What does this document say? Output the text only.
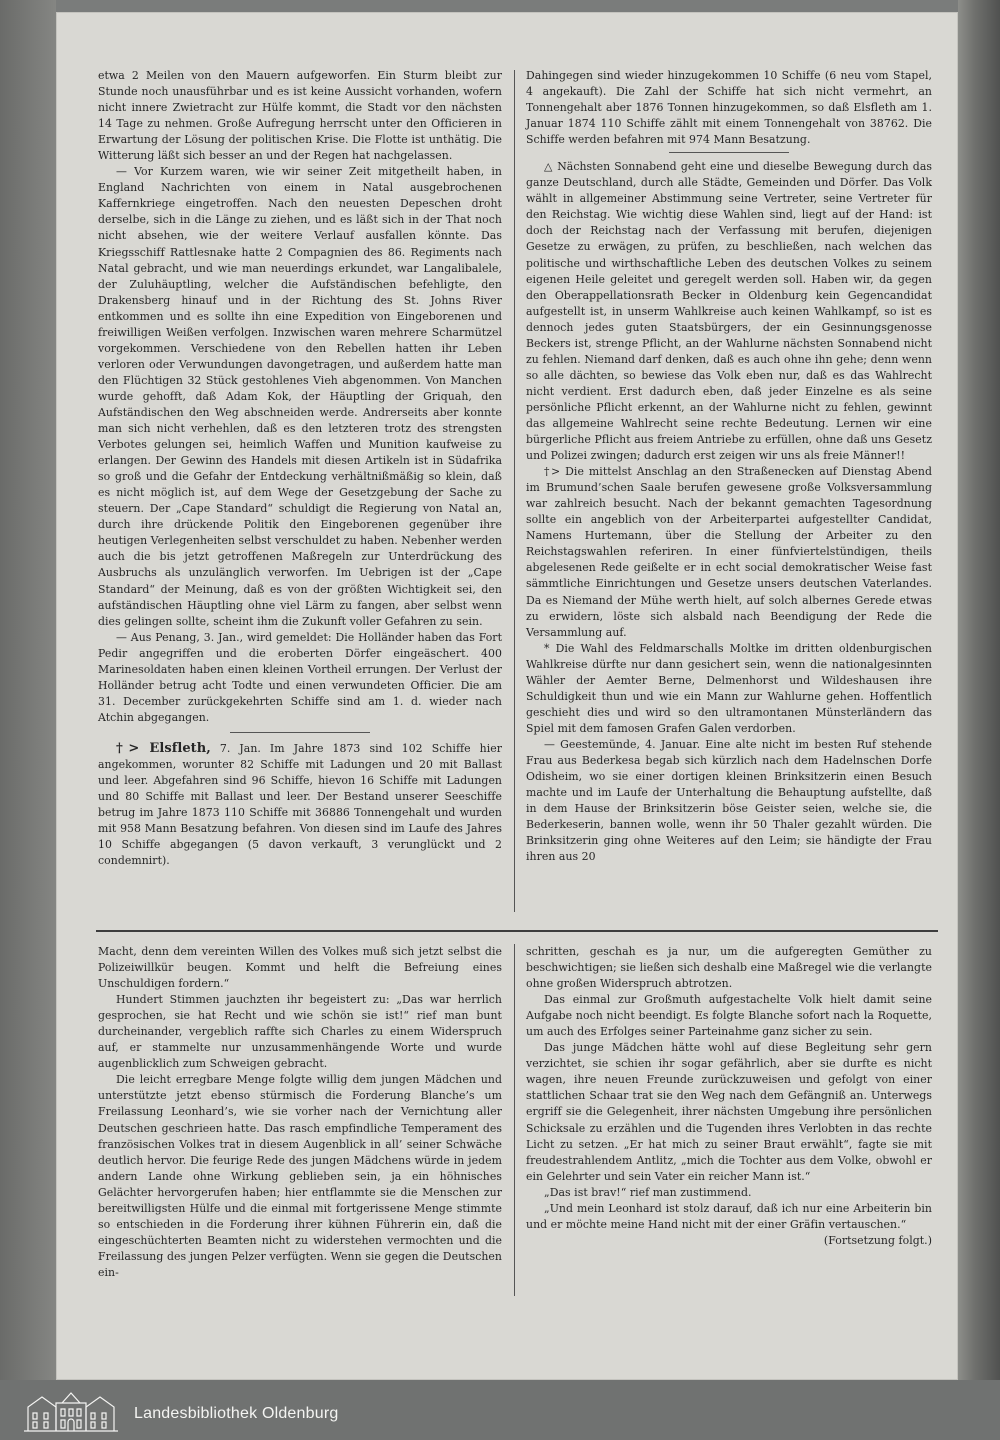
etwa 2 Meilen von den Mauern aufgeworfen. Ein Sturm bleibt zur Stunde noch unausführbar und es ist keine Aussicht vorhanden, wofern nicht innere Zwietracht zur Hülfe kommt, die Stadt vor den nächsten 14 Tage zu nehmen. Große Aufregung herrscht unter den Officieren in Erwartung der Lösung der politischen Krise. Die Flotte ist unthätig. Die Witterung läßt sich besser an und der Regen hat nachgelassen.

— Vor Kurzem waren, wie wir seiner Zeit mitgetheilt haben, in England Nachrichten von einem in Natal ausgebrochenen Kaffernkriege eingetroffen. Nach den neuesten Depeschen droht derselbe, sich in die Länge zu ziehen, und es läßt sich in der That noch nicht absehen, wie der weitere Verlauf ausfallen könnte. Das Kriegsschiff Rattlesnake hatte 2 Compagnien des 86. Regiments nach Natal gebracht, und wie man neuerdings erkundet, war Langalibalele, der Zuluhäuptling, welcher die Aufständischen befehligte, den Drakensberg hinauf und in der Richtung des St. Johns River entkommen und es sollte ihn eine Expedition von Eingeborenen und freiwilligen Weißen verfolgen. Inzwischen waren mehrere Scharmützel vorgekommen. Verschiedene von den Rebellen hatten ihr Leben verloren oder Verwundungen davongetragen, und außerdem hatte man den Flüchtigen 32 Stück gestohlenes Vieh abgenommen. Von Manchen wurde gehofft, daß Adam Kok, der Häuptling der Griquah, den Aufständischen den Weg abschneiden werde. Andrerseits aber konnte man sich nicht verhehlen, daß es den letzteren trotz des strengsten Verbotes gelungen sei, heimlich Waffen und Munition kaufweise zu erlangen. Der Gewinn des Handels mit diesen Artikeln ist in Südafrika so groß und die Gefahr der Entdeckung verhältnißmäßig so klein, daß es nicht möglich ist, auf dem Wege der Gesetzgebung der Sache zu steuern. Der „Cape Standard“ schuldigt die Regierung von Natal an, durch ihre drückende Politik den Eingeborenen gegenüber ihre heutigen Verlegenheiten selbst verschuldet zu haben. Nebenher werden auch die bis jetzt getroffenen Maßregeln zur Unterdrückung des Ausbruchs als unzulänglich verworfen. Im Uebrigen ist der „Cape Standard“ der Meinung, daß es von der größten Wichtigkeit sei, den aufständischen Häuptling ohne viel Lärm zu fangen, aber selbst wenn dies gelingen sollte, scheint ihm die Zukunft voller Gefahren zu sein.

— Aus Penang, 3. Jan., wird gemeldet: Die Holländer haben das Fort Pedir angegriffen und die eroberten Dörfer eingeäschert. 400 Marinesoldaten haben einen kleinen Vortheil errungen. Der Verlust der Holländer betrug acht Todte und einen verwundeten Officier. Die am 31. December zurückgekehrten Schiffe sind am 1. d. wieder nach Atchin abgegangen.

†> Elsfleth, 7. Jan. Im Jahre 1873 sind 102 Schiffe hier angekommen, worunter 82 Schiffe mit Ladungen und 20 mit Ballast und leer. Abgefahren sind 96 Schiffe, hievon 16 Schiffe mit Ladungen und 80 Schiffe mit Ballast und leer. Der Bestand unserer Seeschiffe betrug im Jahre 1873 110 Schiffe mit 36886 Tonnengehalt und wurden mit 958 Mann Besatzung befahren. Von diesen sind im Laufe des Jahres 10 Schiffe abgegangen (5 davon verkauft, 3 verunglückt und 2 condemnirt).

Dahingegen sind wieder hinzugekommen 10 Schiffe (6 neu vom Stapel, 4 angekauft). Die Zahl der Schiffe hat sich nicht vermehrt, an Tonnengehalt aber 1876 Tonnen hinzugekommen, so daß Elsfleth am 1. Januar 1874 110 Schiffe zählt mit einem Tonnengehalt von 38762. Die Schiffe werden befahren mit 974 Mann Besatzung.

△ Nächsten Sonnabend geht eine und dieselbe Bewegung durch das ganze Deutschland, durch alle Städte, Gemeinden und Dörfer. Das Volk wählt in allgemeiner Abstimmung seine Vertreter, seine Vertreter für den Reichstag. Wie wichtig diese Wahlen sind, liegt auf der Hand: ist doch der Reichstag nach der Verfassung mit berufen, diejenigen Gesetze zu erwägen, zu prüfen, zu beschließen, nach welchen das politische und wirthschaftliche Leben des deutschen Volkes zu seinem eigenen Heile geleitet und geregelt werden soll. Haben wir, da gegen den Oberappellationsrath Becker in Oldenburg kein Gegencandidat aufgestellt ist, in unserm Wahlkreise auch keinen Wahlkampf, so ist es dennoch jedes guten Staatsbürgers, der ein Gesinnungsgenosse Beckers ist, strenge Pflicht, an der Wahlurne nächsten Sonnabend nicht zu fehlen. Niemand darf denken, daß es auch ohne ihn gehe; denn wenn so alle dächten, so bewiese das Volk eben nur, daß es das Wahlrecht nicht verdient. Erst dadurch eben, daß jeder Einzelne es als seine persönliche Pflicht erkennt, an der Wahlurne nicht zu fehlen, gewinnt das allgemeine Wahlrecht seine rechte Bedeutung. Lernen wir eine bürgerliche Pflicht aus freiem Antriebe zu erfüllen, ohne daß uns Gesetz und Polizei zwingen; dadurch erst zeigen wir uns als freie Männer!!

†> Die mittelst Anschlag an den Straßenecken auf Dienstag Abend im Brumund’schen Saale berufen gewesene große Volksversammlung war zahlreich besucht. Nach der bekannt gemachten Tagesordnung sollte ein angeblich von der Arbeiterpartei aufgestellter Candidat, Namens Hurtemann, über die Stellung der Arbeiter zu den Reichstagswahlen referiren. In einer fünfviertelstündigen, theils abgelesenen Rede geißelte er in echt social demokratischer Weise fast sämmtliche Einrichtungen und Gesetze unsers deutschen Vaterlandes. Da es Niemand der Mühe werth hielt, auf solch albernes Gerede etwas zu erwidern, löste sich alsbald nach Beendigung der Rede die Versammlung auf.

* Die Wahl des Feldmarschalls Moltke im dritten oldenburgischen Wahlkreise dürfte nur dann gesichert sein, wenn die nationalgesinnten Wähler der Aemter Berne, Delmenhorst und Wildeshausen ihre Schuldigkeit thun und wie ein Mann zur Wahlurne gehen. Hoffentlich geschieht dies und wird so den ultramontanen Münsterländern das Spiel mit dem famosen Grafen Galen verdorben.

— Geestemünde, 4. Januar. Eine alte nicht im besten Ruf stehende Frau aus Bederkesa begab sich kürzlich nach dem Hadelnschen Dorfe Odisheim, wo sie einer dortigen kleinen Brinksitzerin einen Besuch machte und im Laufe der Unterhaltung die Behauptung aufstellte, daß in dem Hause der Brinksitzerin böse Geister seien, welche sie, die Bederkeserin, bannen wolle, wenn ihr 50 Thaler gezahlt würden. Die Brinksitzerin ging ohne Weiteres auf den Leim; sie händigte der Frau ihren aus 20

Macht, denn dem vereinten Willen des Volkes muß sich jetzt selbst die Polizeiwillkür beugen. Kommt und helft die Befreiung eines Unschuldigen fordern.“

Hundert Stimmen jauchzten ihr begeistert zu: „Das war herrlich gesprochen, sie hat Recht und wie schön sie ist!“ rief man bunt durcheinander, vergeblich raffte sich Charles zu einem Widerspruch auf, er stammelte nur unzusammenhängende Worte und wurde augenblicklich zum Schweigen gebracht.

Die leicht erregbare Menge folgte willig dem jungen Mädchen und unterstützte jetzt ebenso stürmisch die Forderung Blanche’s um Freilassung Leonhard’s, wie sie vorher nach der Vernichtung aller Deutschen geschrieen hatte. Das rasch empfindliche Temperament des französischen Volkes trat in diesem Augenblick in all’ seiner Schwäche deutlich hervor. Die feurige Rede des jungen Mädchens würde in jedem andern Lande ohne Wirkung geblieben sein, ja ein höhnisches Gelächter hervorgerufen haben; hier entflammte sie die Menschen zur bereitwilligsten Hülfe und die einmal mit fortgerissene Menge stimmte so entschieden in die Forderung ihrer kühnen Führerin ein, daß die eingeschüchterten Beamten nicht zu widerstehen vermochten und die Freilassung des jungen Pelzer verfügten. Wenn sie gegen die Deutschen ein-

schritten, geschah es ja nur, um die aufgeregten Gemüther zu beschwichtigen; sie ließen sich deshalb eine Maßregel wie die verlangte ohne großen Widerspruch abtrotzen.

Das einmal zur Großmuth aufgestachelte Volk hielt damit seine Aufgabe noch nicht beendigt. Es folgte Blanche sofort nach la Roquette, um auch des Erfolges seiner Parteinahme ganz sicher zu sein.

Das junge Mädchen hätte wohl auf diese Begleitung sehr gern verzichtet, sie schien ihr sogar gefährlich, aber sie durfte es nicht wagen, ihre neuen Freunde zurückzuweisen und gefolgt von einer stattlichen Schaar trat sie den Weg nach dem Gefängniß an. Unterwegs ergriff sie die Gelegenheit, ihrer nächsten Umgebung ihre persönlichen Schicksale zu erzählen und die Tugenden ihres Verlobten in das rechte Licht zu setzen. „Er hat mich zu seiner Braut erwählt“, fagte sie mit freudestrahlendem Antlitz, „mich die Tochter aus dem Volke, obwohl er ein Gelehrter und sein Vater ein reicher Mann ist.“

„Das ist brav!“ rief man zustimmend.

„Und mein Leonhard ist stolz darauf, daß ich nur eine Arbeiterin bin und er möchte meine Hand nicht mit der einer Gräfin vertauschen.“

(Fortsetzung folgt.)

Landesbibliothek Oldenburg
